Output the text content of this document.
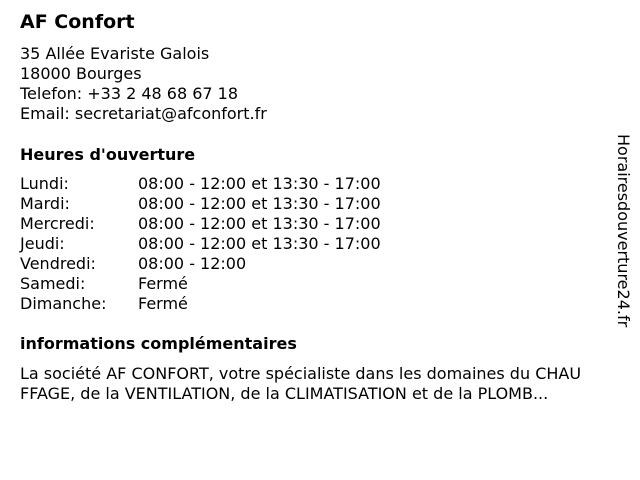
AF Confort
35 Allée Evariste Galois
18000 Bourges
Telefon: +33 2 48 68 67 18
Email: secretariat@afconfort.fr
Heures d'ouverture
Lundi:	08:00 - 12:00 et 13:30 - 17:00
Mardi:	08:00 - 12:00 et 13:30 - 17:00
Mercredi:	08:00 - 12:00 et 13:30 - 17:00
Jeudi:	08:00 - 12:00 et 13:30 - 17:00
Vendredi:	08:00 - 12:00
Samedi:	Fermé
Dimanche:	Fermé
informations complémentaires
La société AF CONFORT, votre spécialiste dans les domaines du CHAU
FFAGE, de la VENTILATION, de la CLIMATISATION et de la PLOMB...
Horairesdouverture24.fr
